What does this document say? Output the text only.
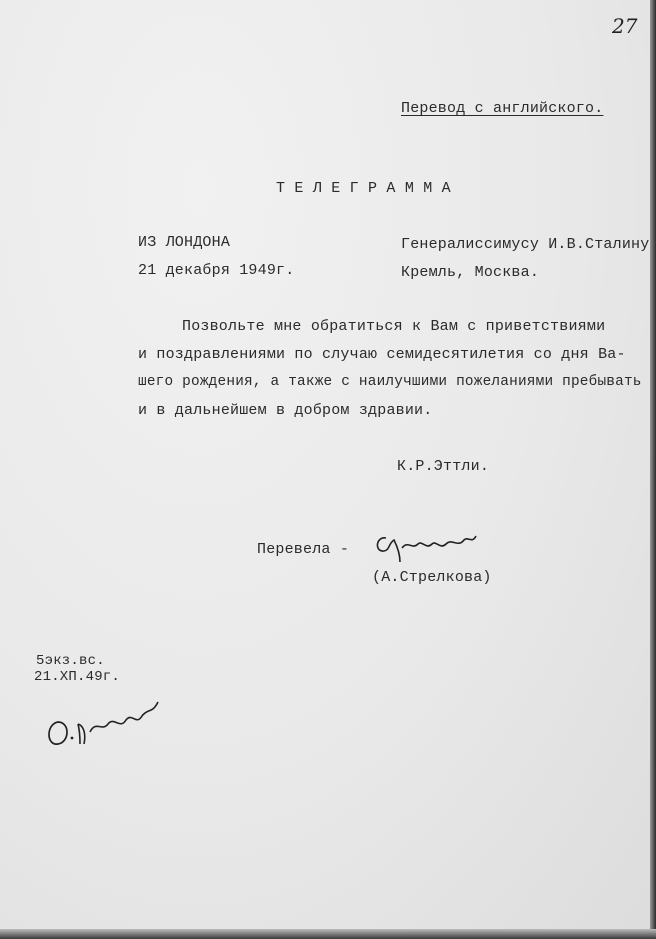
27
Перевод с английского.
Т Е Л Е Г Р А М М А
ИЗ ЛОНДОНА
21 декабря 1949г.
Генералиссимусу И.В.Сталину
Кремль, Москва.
Позвольте мне обратиться к Вам с приветствиями
и поздравлениями по случаю семидесятилетия со дня Ва-
шего рождения, а также с наилучшими пожеланиями пребывать
и в дальнейшем в добром здравии.
К.Р.Эттли.
Перевела -
(А.Стрелкова)
5экз.вс.
21.XП.49г.
